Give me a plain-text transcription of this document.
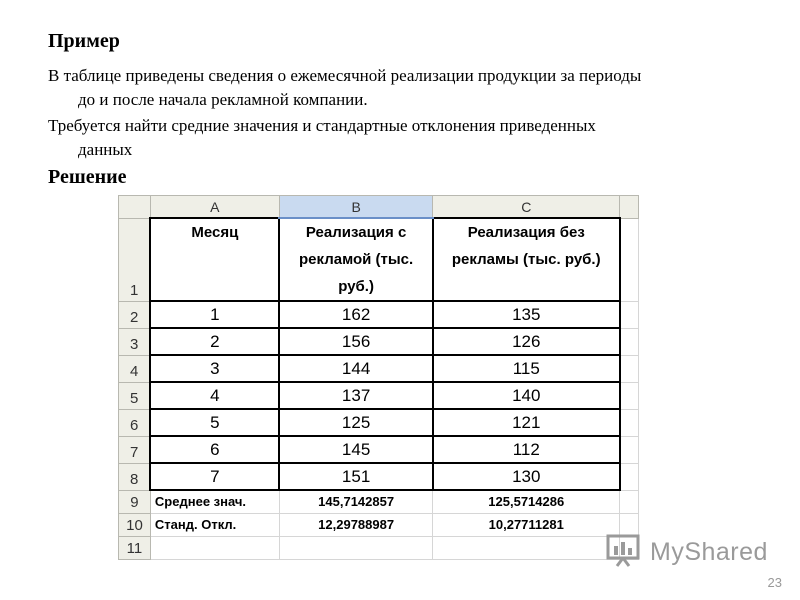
Пример
В таблице приведены сведения о ежемесячной реализации продукции за периоды
до и после начала рекламной компании.
Требуется найти средние значения и стандартные отклонения приведенных
данных
Решение
	A	B	C	
1	Месяц	Реализация с рекламой (тыс. руб.)	Реализация без рекламы (тыс. руб.)	
2	1	162	135	
3	2	156	126	
4	3	144	115	
5	4	137	140	
6	5	125	121	
7	6	145	112	
8	7	151	130	
9	Среднее знач.	145,7142857	125,5714286	
10	Станд. Откл.	12,29788987	10,27711281	
11					MyShared
23
